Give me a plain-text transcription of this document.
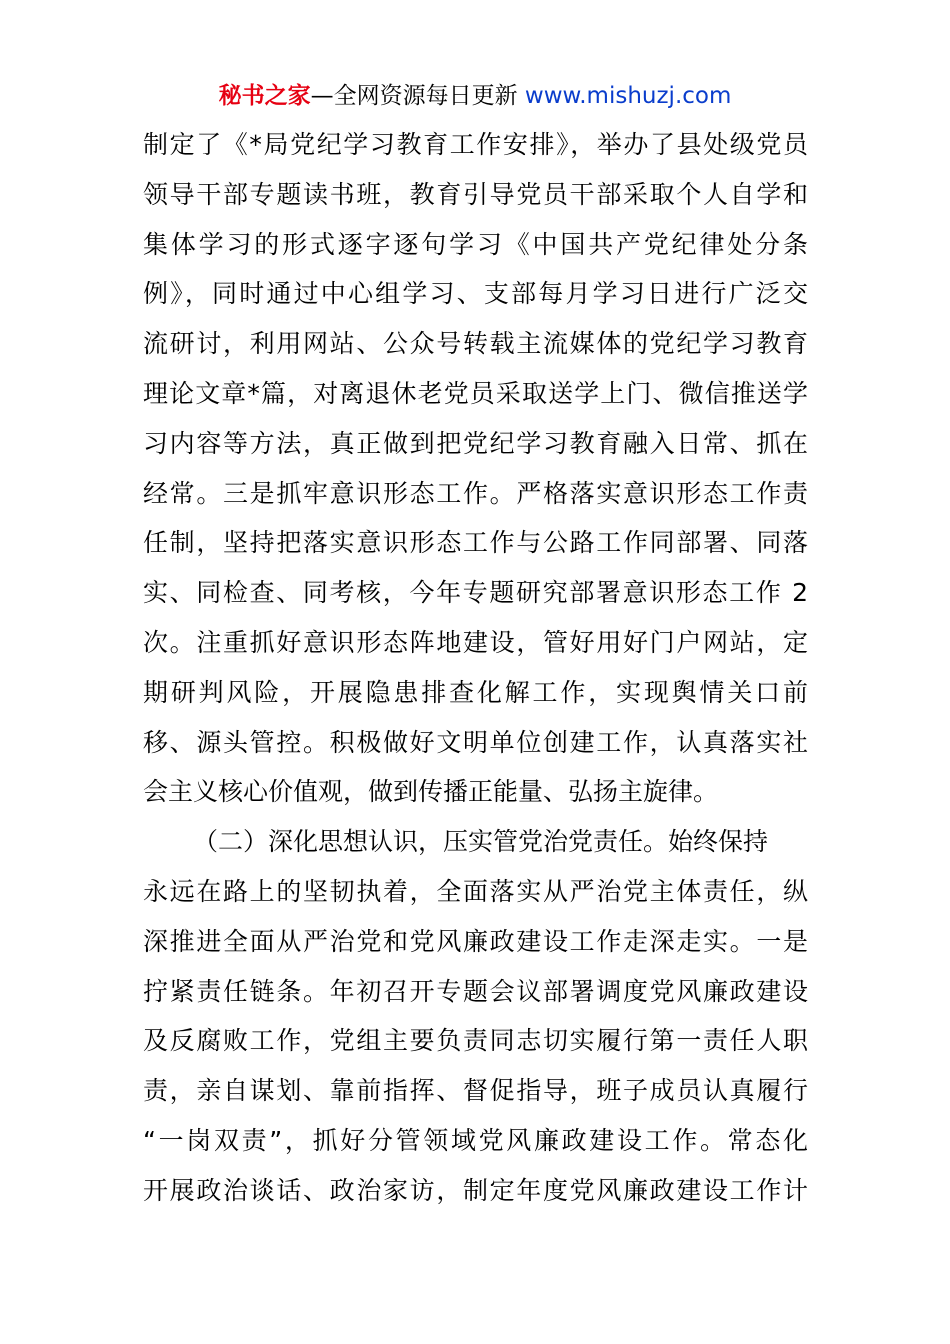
秘书之家—全网资源每日更新 www.mishuzj.com
制定了《*局党纪学习教育工作安排》，举办了县处级党员
领导干部专题读书班，教育引导党员干部采取个人自学和
集体学习的形式逐字逐句学习《中国共产党纪律处分条
例》，同时通过中心组学习、支部每月学习日进行广泛交
流研讨，利用网站、公众号转载主流媒体的党纪学习教育
理论文章*篇，对离退休老党员采取送学上门、微信推送学
习内容等方法，真正做到把党纪学习教育融入日常、抓在
经常。三是抓牢意识形态工作。严格落实意识形态工作责
任制，坚持把落实意识形态工作与公路工作同部署、同落
实、同检查、同考核，今年专题研究部署意识形态工作 2
次。注重抓好意识形态阵地建设，管好用好门户网站，定
期研判风险，开展隐患排查化解工作，实现舆情关口前
移、源头管控。积极做好文明单位创建工作，认真落实社
会主义核心价值观，做到传播正能量、弘扬主旋律。
（二）深化思想认识，压实管党治党责任。始终保持
永远在路上的坚韧执着，全面落实从严治党主体责任，纵
深推进全面从严治党和党风廉政建设工作走深走实。一是
拧紧责任链条。年初召开专题会议部署调度党风廉政建设
及反腐败工作，党组主要负责同志切实履行第一责任人职
责，亲自谋划、靠前指挥、督促指导，班子成员认真履行
“一岗双责”，抓好分管领域党风廉政建设工作。常态化
开展政治谈话、政治家访，制定年度党风廉政建设工作计
